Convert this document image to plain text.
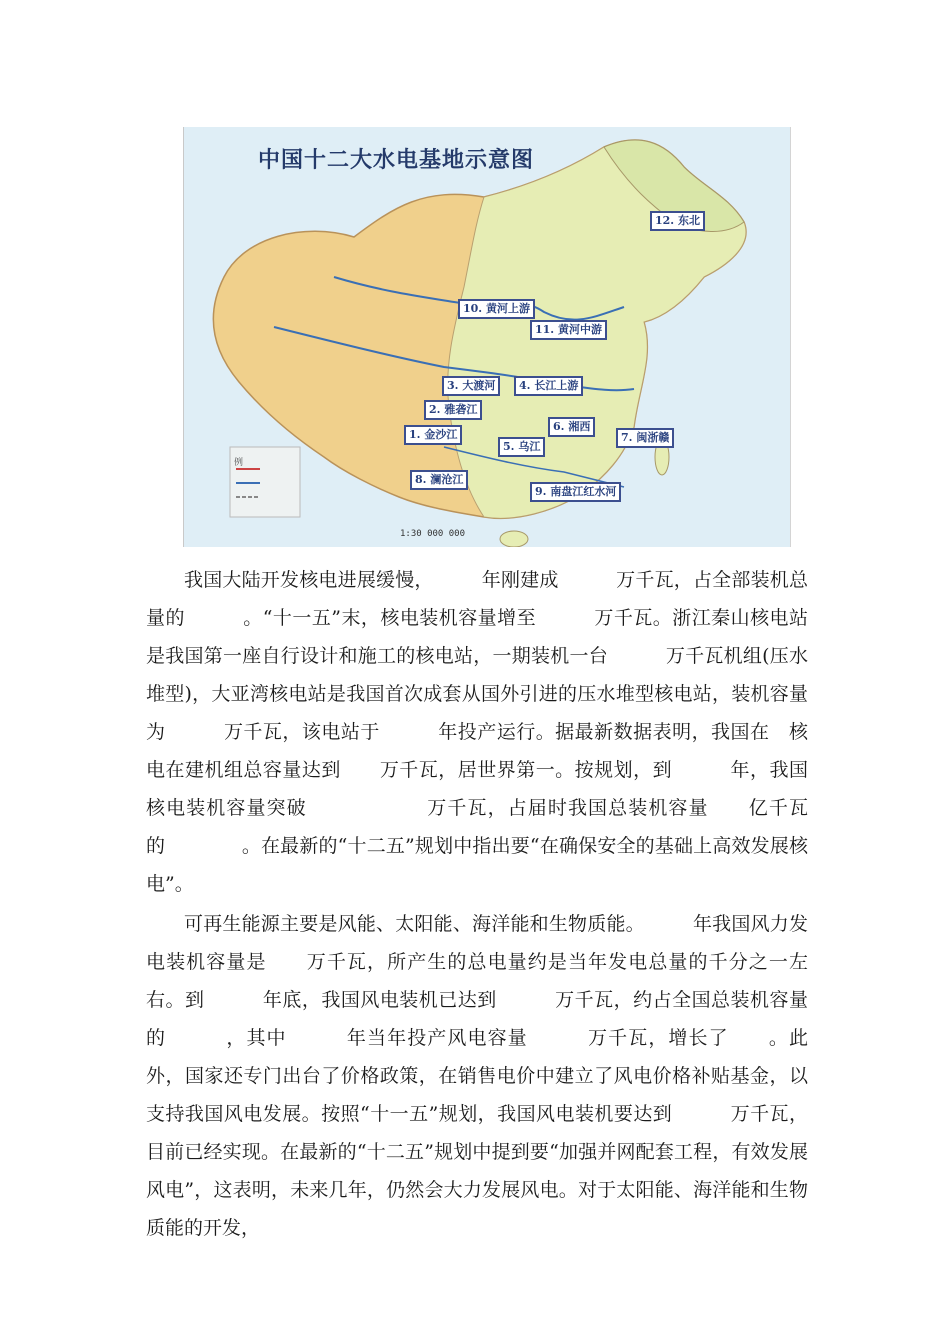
中国十二大水电基地示意图
例
12. 东北
10. 黄河上游
11. 黄河中游
3. 大渡河	4. 长江上游
2. 雅砻江
6. 湘西
1. 金沙江	7. 闽浙赣
5. 乌江
8. 澜沧江
9. 南盘江红水河
1:30 000 000

我国大陆开发核电进展缓慢，　　　年刚建成　　　万千瓦，占全部装机总量的　　　。“十一五”末，核电装机容量增至　　　万千瓦。浙江秦山核电站是我国第一座自行设计和施工的核电站，一期装机一台　　　万千瓦机组(压水堆型)，大亚湾核电站是我国首次成套从国外引进的压水堆型核电站，装机容量为　　　万千瓦，该电站于　　　年投产运行。据最新数据表明，我国在　核电在建机组总容量达到　　万千瓦，居世界第一。按规划，到　　　年，我国核电装机容量突破　　　　　　万千瓦，占届时我国总装机容量　　亿千瓦的　　　　。在最新的“十二五”规划中指出要“在确保安全的基础上高效发展核电”。

可再生能源主要是风能、太阳能、海洋能和生物质能。　　　年我国风力发电装机容量是　　万千瓦，所产生的总电量约是当年发电总量的千分之一左右。到　　　年底，我国风电装机已达到　　　万千瓦，约占全国总装机容量的　　　，其中　　　年当年投产风电容量　　　万千瓦，增长了　　。此外，国家还专门出台了价格政策，在销售电价中建立了风电价格补贴基金，以支持我国风电发展。按照“十一五”规划，我国风电装机要达到　　　万千瓦，目前已经实现。在最新的“十二五”规划中提到要“加强并网配套工程，有效发展风电”，这表明，未来几年，仍然会大力发展风电。对于太阳能、海洋能和生物质能的开发，
